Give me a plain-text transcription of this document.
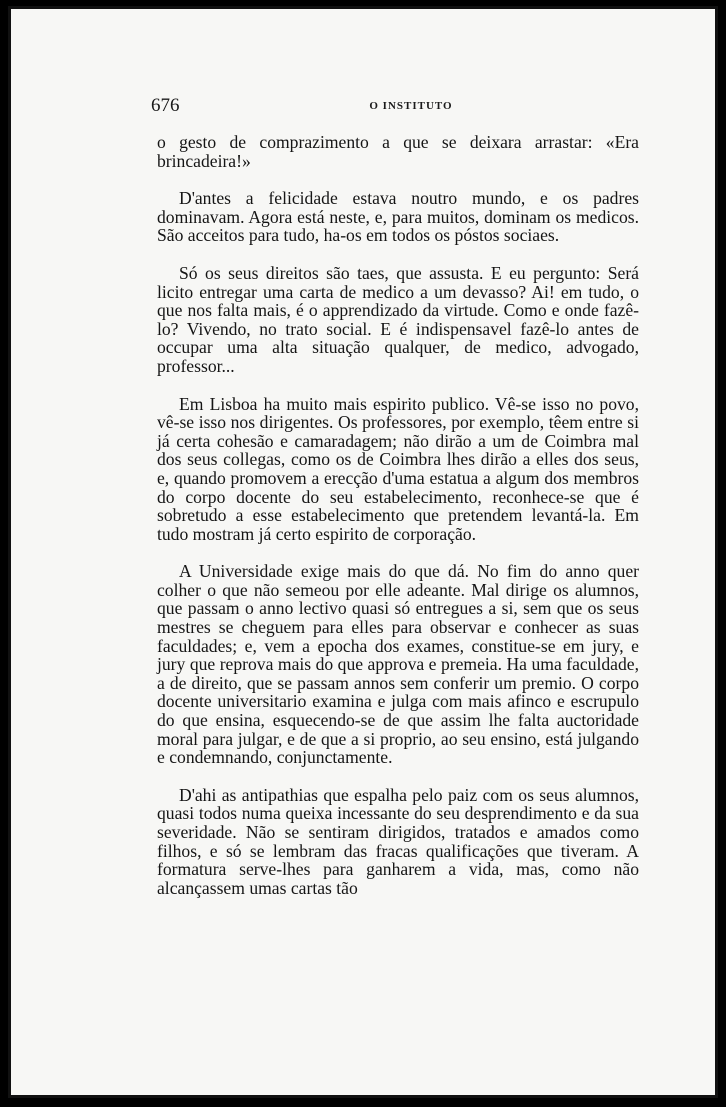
676	O INSTITUTO

o gesto de comprazimento a que se deixara arrastar: «Era brincadeira!»

D'antes a felicidade estava noutro mundo, e os padres dominavam. Agora está neste, e, para muitos, dominam os medicos. São acceitos para tudo, ha-os em todos os póstos sociaes.

Só os seus direitos são taes, que assusta. E eu pergunto: Será licito entregar uma carta de medico a um devasso? Ai! em tudo, o que nos falta mais, é o apprendizado da virtude. Como e onde fazê-lo? Vivendo, no trato social. E é indispensavel fazê-lo antes de occupar uma alta situação qualquer, de medico, advogado, professor...

Em Lisboa ha muito mais espirito publico. Vê-se isso no povo, vê-se isso nos dirigentes. Os professores, por exemplo, têem entre si já certa cohesão e camaradagem; não dirão a um de Coimbra mal dos seus collegas, como os de Coimbra lhes dirão a elles dos seus, e, quando promovem a erecção d'uma estatua a algum dos membros do corpo docente do seu estabelecimento, reconhece-se que é sobretudo a esse estabelecimento que pretendem levantá-la. Em tudo mostram já certo espirito de corporação.

A Universidade exige mais do que dá. No fim do anno quer colher o que não semeou por elle adeante. Mal dirige os alumnos, que passam o anno lectivo quasi só entregues a si, sem que os seus mestres se cheguem para elles para observar e conhecer as suas faculdades; e, vem a epocha dos exames, constitue-se em jury, e jury que reprova mais do que approva e premeia. Ha uma faculdade, a de direito, que se passam annos sem conferir um premio. O corpo docente universitario examina e julga com mais afinco e escrupulo do que ensina, esquecendo-se de que assim lhe falta auctoridade moral para julgar, e de que a si proprio, ao seu ensino, está julgando e condemnando, conjunctamente.

D'ahi as antipathias que espalha pelo paiz com os seus alumnos, quasi todos numa queixa incessante do seu desprendimento e da sua severidade. Não se sentiram dirigidos, tratados e amados como filhos, e só se lembram das fracas qualificações que tiveram. A formatura serve-lhes para ganharem a vida, mas, como não alcançassem umas cartas tão
